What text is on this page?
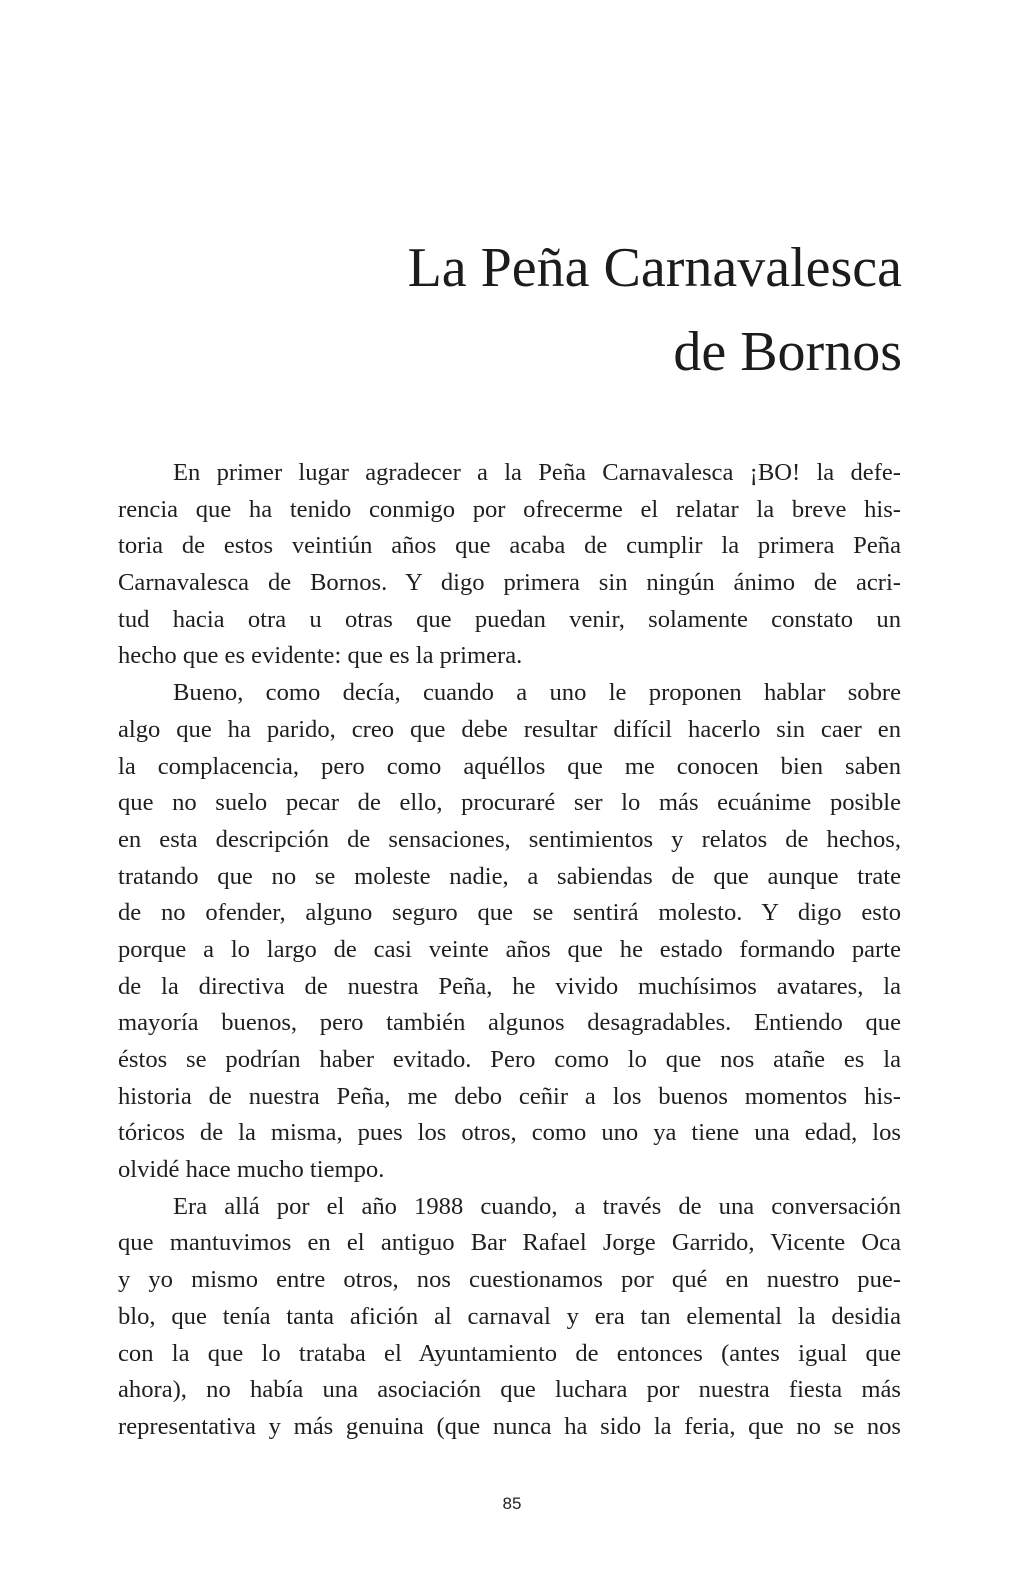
La Peña Carnavalesca
de Bornos
En primer lugar agradecer a la Peña Carnavalesca ¡BO! la defe-
rencia que ha tenido conmigo por ofrecerme el relatar la breve his-
toria de estos veintiún años que acaba de cumplir la primera Peña
Carnavalesca de Bornos. Y digo primera sin ningún ánimo de acri-
tud hacia otra u otras que puedan venir, solamente constato un
hecho que es evidente: que es la primera.
Bueno, como decía, cuando a uno le proponen hablar sobre
algo que ha parido, creo que debe resultar difícil hacerlo sin caer en
la complacencia, pero como aquéllos que me conocen bien saben
que no suelo pecar de ello, procuraré ser lo más ecuánime posible
en esta descripción de sensaciones, sentimientos y relatos de hechos,
tratando que no se moleste nadie, a sabiendas de que aunque trate
de no ofender, alguno seguro que se sentirá molesto. Y digo esto
porque a lo largo de casi veinte años que he estado formando parte
de la directiva de nuestra Peña, he vivido muchísimos avatares, la
mayoría buenos, pero también algunos desagradables. Entiendo que
éstos se podrían haber evitado. Pero como lo que nos atañe es la
historia de nuestra Peña, me debo ceñir a los buenos momentos his-
tóricos de la misma, pues los otros, como uno ya tiene una edad, los
olvidé hace mucho tiempo.
Era allá por el año 1988 cuando, a través de una conversación
que mantuvimos en el antiguo Bar Rafael Jorge Garrido, Vicente Oca
y yo mismo entre otros, nos cuestionamos por qué en nuestro pue-
blo, que tenía tanta afición al carnaval y era tan elemental la desidia
con la que lo trataba el Ayuntamiento de entonces (antes igual que
ahora), no había una asociación que luchara por nuestra fiesta más
representativa y más genuina (que nunca ha sido la feria, que no se nos
85
